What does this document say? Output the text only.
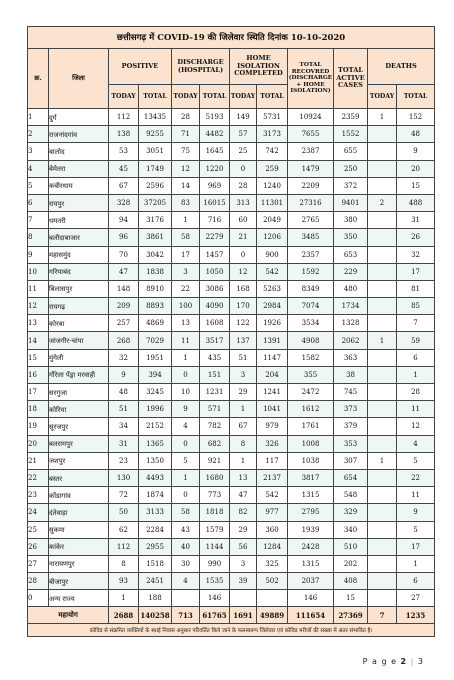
छत्तीसगढ़ में COVID-19 की जिलेवार स्थिति दिनांक 10-10-2020											
क्र.	जिला	POSITIVE		DISCHARGE (HOSPITAL)		HOME ISOLATION COMPLETED		TOTAL RECOVRED (DISCHARGE + HOME ISOLATION)	TOTAL ACTIVE CASES	DEATHS	
		TODAY	TOTAL	TODAY	TOTAL	TODAY	TOTAL			TODAY	TOTAL
1	दुर्ग	112	13435	28	5193	149	5731	10924	2359	1	152
2	राजनांदगांव	138	9255	71	4482	57	3173	7655	1552		48
3	बालोद	53	3051	75	1645	25	742	2387	655		9
4	बेमेतरा	45	1749	12	1220	0	259	1479	250		20
5	कबीरधाम	67	2596	14	969	28	1240	2209	372		15
6	रायपुर	328	37205	83	16015	313	11301	27316	9401	2	488
7	धमतरी	94	3176	1	716	60	2049	2765	380		31
8	बलौदाबाजार	96	3861	58	2279	21	1206	3485	350		26
9	महासमुंद	70	3042	17	1457	0	900	2357	653		32
10	गरियाबंद	47	1838	3	1050	12	542	1592	229		17
11	बिलासपुर	148	8910	22	3086	168	5263	8349	480		81
12	रायगढ़	209	8893	100	4090	170	2984	7074	1734		85
13	कोरबा	257	4869	13	1608	122	1926	3534	1328		7
14	जांजगीर-चांपा	268	7029	11	3517	137	1391	4908	2062	1	59
15	मुंगेली	32	1951	1	435	51	1147	1582	363		6
16	गौरेला पेंड्रा मरवाही	9	394	0	151	3	204	355	38		1
17	सरगुजा	48	3245	10	1231	29	1241	2472	745		28
18	कोरिया	51	1996	9	571	1	1041	1612	373		11
19	सूरजपुर	34	2152	4	782	67	979	1761	379		12
20	बलरामपुर	31	1365	0	682	8	326	1008	353		4
21	जशपुर	23	1350	5	921	1	117	1038	307	1	5
22	बस्तर	130	4493	1	1680	13	2137	3817	654		22
23	कोंडागांव	72	1874	0	773	47	542	1315	548		11
24	दंतेवाड़ा	50	3133	58	1818	82	977	2795	329		9
25	सुकमा	62	2284	43	1579	29	360	1939	340		5
26	कांकेर	112	2955	40	1144	56	1284	2428	510		17
27	नारायणपुर	8	1518	30	990	3	325	1315	202		1
28	बीजापुर	93	2451	4	1535	39	502	2037	408		6
0	अन्य राज्य	1	188		146			146	15		27
महायोग		2688	140258	713	61765	1691	49889	111654	27369	7	1235
कोविड से संक्रमित व्यक्तियों के स्थाई निवास अनुसार परिवर्तित किये जाने के फलस्वरूप जिलेवार एवं कोविड मरीजों की संख्या में अंतर संभावित है।											
P a g e 2 | 3
